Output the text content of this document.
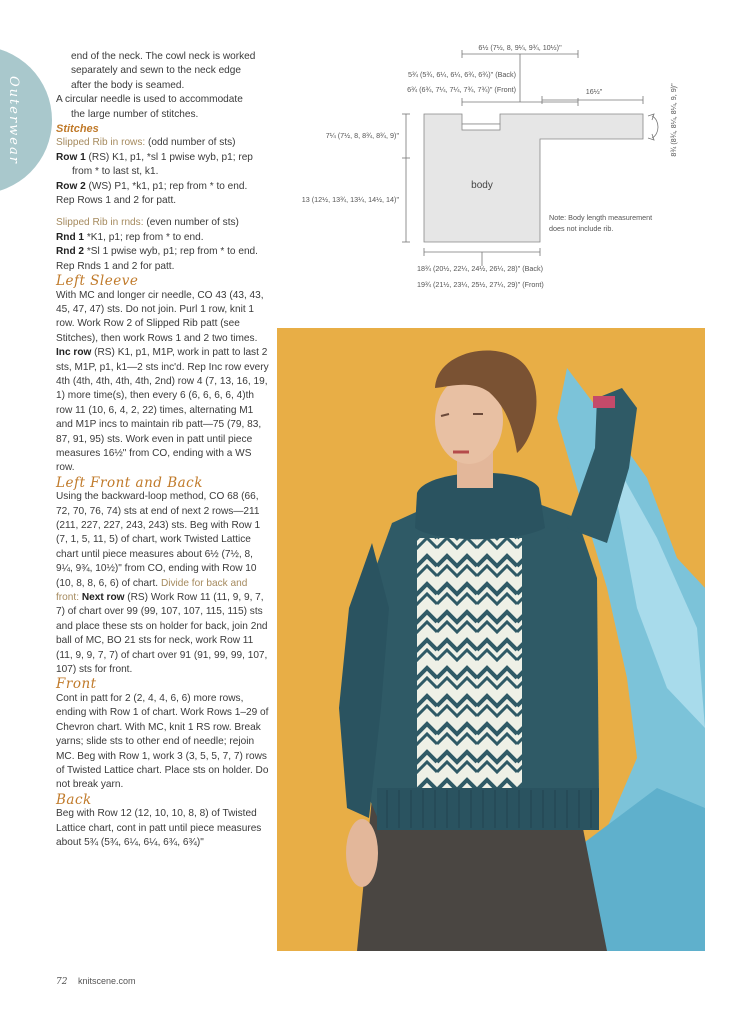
Outerwear

end of the neck. The cowl neck is worked

separately and sewn to the neck edge

after the body is seamed.

A circular needle is used to accommodate

the large number of stitches.

Stitches

Slipped Rib in rows: (odd number of sts)

Row 1 (RS) K1, p1, *sl 1 pwise wyb, p1; rep from * to last st, k1.

Row 2 (WS) P1, *k1, p1; rep from * to end.

Rep Rows 1 and 2 for patt.

Slipped Rib in rnds: (even number of sts)

Rnd 1 *K1, p1; rep from * to end.

Rnd 2 *Sl 1 pwise wyb, p1; rep from * to end.

Rep Rnds 1 and 2 for patt.

Left Sleeve

With MC and longer cir needle, CO 43 (43, 43, 45, 47, 47) sts. Do not join. Purl 1 row, knit 1 row. Work Row 2 of Slipped Rib patt (see Stitches), then work Rows 1 and 2 two times. Inc row (RS) K1, p1, M1P, work in patt to last 2 sts, M1P, p1, k1—2 sts inc'd. Rep Inc row every 4th (4th, 4th, 4th, 4th, 2nd) row 4 (7, 13, 16, 19, 1) more time(s), then every 6 (6, 6, 6, 6, 4)th row 11 (10, 6, 4, 2, 22) times, alternating M1 and M1P incs to maintain rib patt—75 (79, 83, 87, 91, 95) sts. Work even in patt until piece measures 16½" from CO, ending with a WS row.

Left Front and Back

Using the backward-loop method, CO 68 (66, 72, 70, 76, 74) sts at end of next 2 rows—211 (211, 227, 227, 243, 243) sts. Beg with Row 1 (7, 1, 5, 11, 5) of chart, work Twisted Lattice chart until piece measures about 6½ (7½, 8, 9¼, 9¾, 10½)" from CO, ending with Row 10 (10, 8, 8, 6, 6) of chart. Divide for back and front: Next row (RS) Work Row 11 (11, 9, 9, 7, 7) of chart over 99 (99, 107, 107, 115, 115) sts and place these sts on holder for back, join 2nd ball of MC, BO 21 sts for neck, work Row 11 (11, 9, 9, 7, 7) of chart over 91 (91, 99, 99, 107, 107) sts for front.

Front

Cont in patt for 2 (2, 4, 4, 6, 6) more rows, ending with Row 1 of chart. Work Rows 1–29 of Chevron chart. With MC, knit 1 RS row. Break yarns; slide sts to other end of needle; rejoin MC. Beg with Row 1, work 3 (3, 5, 5, 7, 7) rows of Twisted Lattice chart. Place sts on holder. Do not break yarn.

Back

Beg with Row 12 (12, 10, 10, 8, 8) of Twisted Lattice chart, cont in patt until piece measures about 5¾ (5¾, 6¼, 6¼, 6¾, 6¾)"

6½ (7½, 8, 9¼, 9¾, 10½)"
5¾ (5¾, 6¼, 6¼, 6¾, 6¾)" (Back)
6¾ (6¾, 7¼, 7¼, 7¾, 7¾)" (Front)	16½"
7¼ (7½, 8, 8¾, 8¾, 9)"
13 (12½, 13¾, 13¼, 14½, 14)"
8¾ (8¾, 8¼, 8¼, 9, 9)"
body
Note: Body length measurement
does not include rib.
18¾ (20½, 22¼, 24½, 26¼, 28)" (Back)
19¾ (21½, 23¼, 25½, 27¼, 29)" (Front)
72 knitscene.com
